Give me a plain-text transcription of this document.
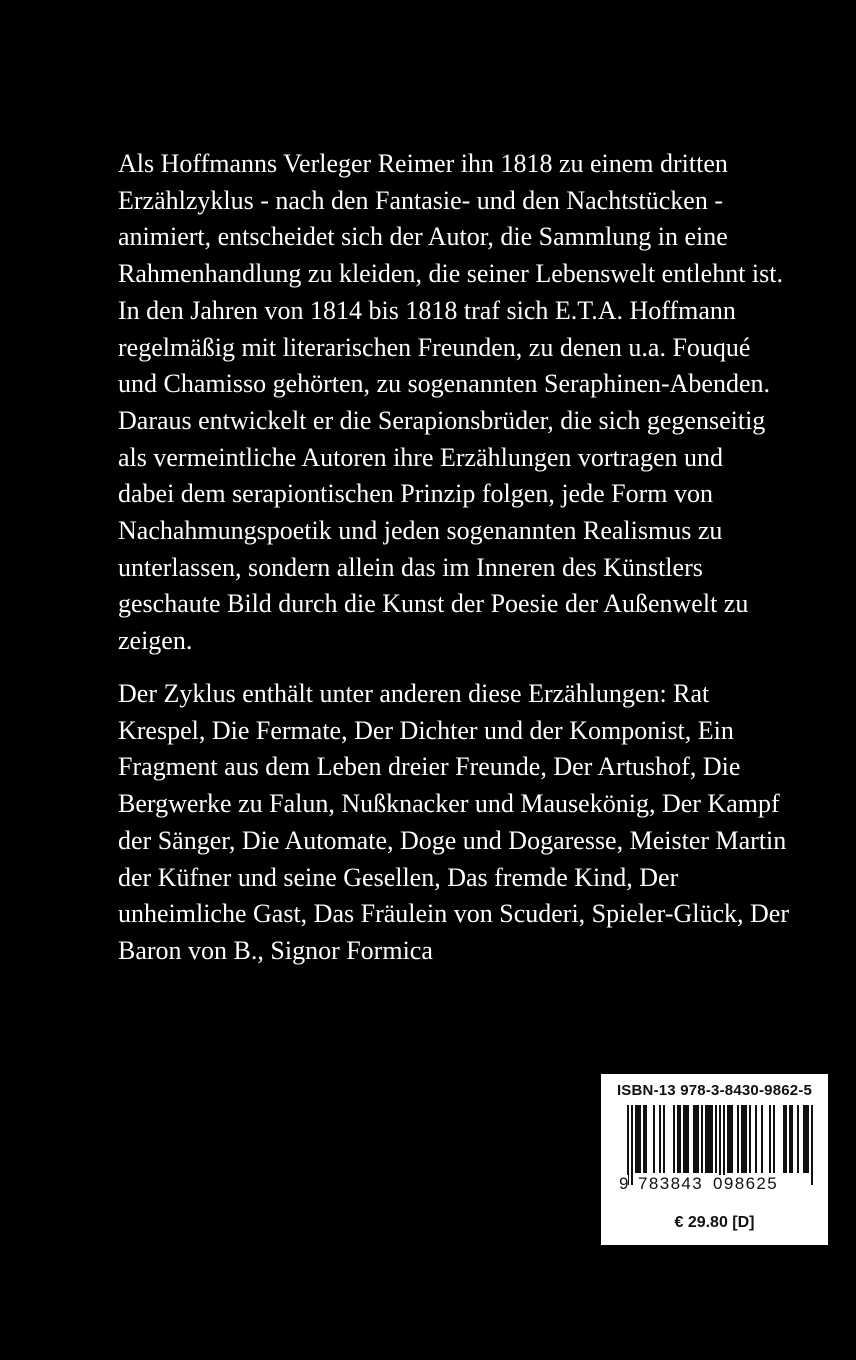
Als Hoffmanns Verleger Reimer ihn 1818 zu einem dritten
Erzählzyklus - nach den Fantasie- und den Nachtstücken -
animiert, entscheidet sich der Autor, die Sammlung in eine
Rahmenhandlung zu kleiden, die seiner Lebenswelt entlehnt ist.
In den Jahren von 1814 bis 1818 traf sich E.T.A. Hoffmann
regelmäßig mit literarischen Freunden, zu denen u.a. Fouqué
und Chamisso gehörten, zu sogenannten Seraphinen-Abenden.
Daraus entwickelt er die Serapionsbrüder, die sich gegenseitig
als vermeintliche Autoren ihre Erzählungen vortragen und
dabei dem serapiontischen Prinzip folgen, jede Form von
Nachahmungspoetik und jeden sogenannten Realismus zu
unterlassen, sondern allein das im Inneren des Künstlers
geschaute Bild durch die Kunst der Poesie der Außenwelt zu
zeigen.
Der Zyklus enthält unter anderen diese Erzählungen: Rat
Krespel, Die Fermate, Der Dichter und der Komponist, Ein
Fragment aus dem Leben dreier Freunde, Der Artushof, Die
Bergwerke zu Falun, Nußknacker und Mausekönig, Der Kampf
der Sänger, Die Automate, Doge und Dogaresse, Meister Martin
der Küfner und seine Gesellen, Das fremde Kind, Der
unheimliche Gast, Das Fräulein von Scuderi, Spieler-Glück, Der
Baron von B., Signor Formica
ISBN-13 978-3-8430-9862-5
9 783843 098625
€ 29.80 [D]
